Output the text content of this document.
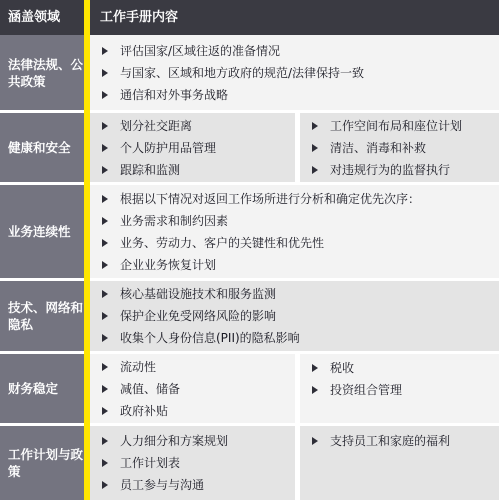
涵盖领域	工作手册内容
法律法规、公共政策
评估国家/区域往返的准备情况
与国家、区域和地方政府的规范/法律保持一致
通信和对外事务战略
健康和安全
划分社交距离
个人防护用品管理
跟踪和监测
工作空间布局和座位计划
清洁、消毒和补救
对违规行为的监督执行
业务连续性
根据以下情况对返回工作场所进行分析和确定优先次序：
业务需求和制约因素
业务、劳动力、客户的关键性和优先性
企业业务恢复计划
技术、网络和隐私
核心基础设施技术和服务监测
保护企业免受网络风险的影响
收集个人身份信息(PII)的隐私影响
财务稳定
流动性
减值、储备
政府补贴
税收
投资组合管理
工作计划与政策
人力细分和方案规划
工作计划表
员工参与与沟通
支持员工和家庭的福利
